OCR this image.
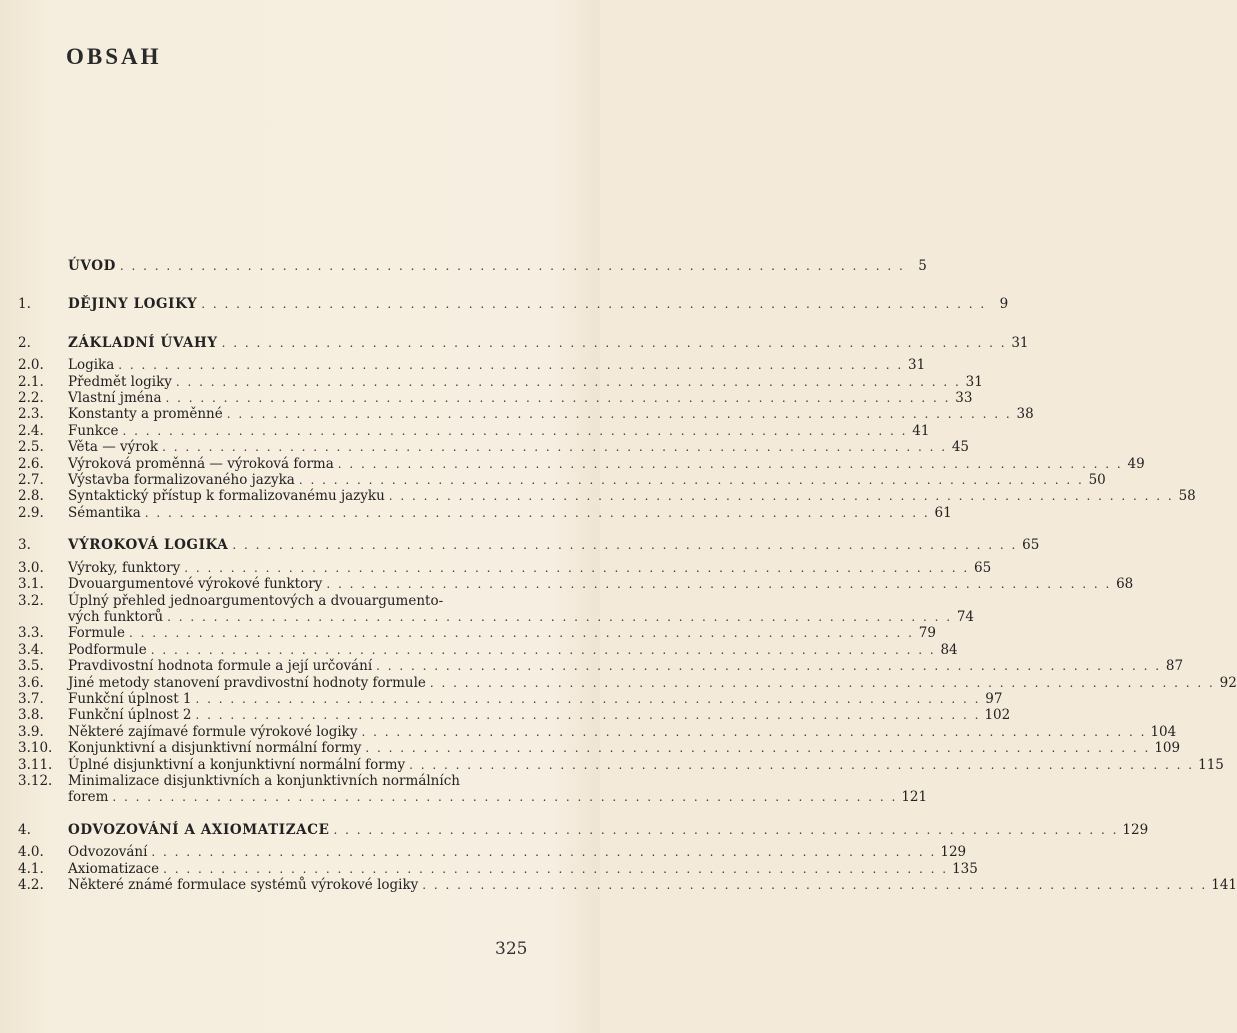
OBSAH
ÚVOD . . .	5
1.	DĚJINY LOGIKY . . .	9
2.	ZÁKLADNÍ ÚVAHY . . .	31
2.0.	Logika . . .	31
2.1.	Předmět logiky . . .	31
2.2.	Vlastní jména . . .	33
2.3.	Konstanty a proměnné . . .	38
2.4.	Funkce . . .	41
2.5.	Věta — výrok . . .	45
2.6.	Výroková proměnná — výroková forma . . .	49
2.7.	Výstavba formalizovaného jazyka . . .	50
2.8.	Syntaktický přístup k formalizovanému jazyku . . .	58
2.9.	Sémantika . . .	61
3.	VÝROKOVÁ LOGIKA . . .	65
3.0.	Výroky, funktory . . .	65
3.1.	Dvouargumentové výrokové funktory . . .	68
3.2.	Úplný přehled jednoargumentových a dvouargumento-
vých funktorů . . .	74
3.3.	Formule . . .	79
3.4.	Podformule . . .	84
3.5.	Pravdivostní hodnota formule a její určování . . .	87
3.6.	Jiné metody stanovení pravdivostní hodnoty formule . . .	92
3.7.	Funkční úplnost 1 . . .	97
3.8.	Funkční úplnost 2 . . .	102
3.9.	Některé zajímavé formule výrokové logiky . . .	104
3.10.	Konjunktivní a disjunktivní normální formy . . .	109
3.11.	Úplné disjunktivní a konjunktivní normální formy . . .	115
3.12.	Minimalizace disjunktivních a konjunktivních normálních
forem . . .	121
4.	ODVOZOVÁNÍ A AXIOMATIZACE . . .	129
4.0.	Odvozování . . .	129
4.1.	Axiomatizace . . .	135
4.2.	Některé známé formulace systémů výrokové logiky . . .	141
325
